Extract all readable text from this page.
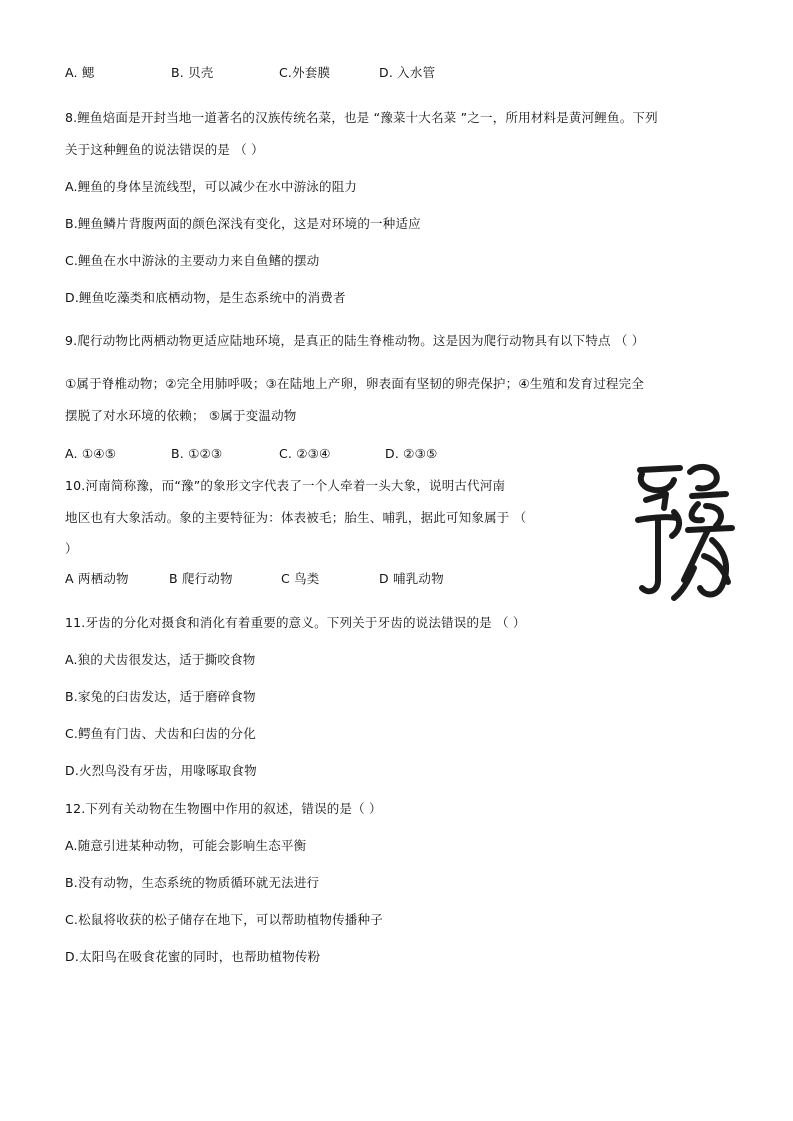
A. 鳃	B. 贝壳	C.外套膜	D. 入水管
8.鲤鱼焙面是开封当地一道著名的汉族传统名菜，也是 “豫菜十大名菜 ”之一，所用材料是黄河鲤鱼。下列
关于这种鲤鱼的说法错误的是 （ ）
A.鲤鱼的身体呈流线型，可以减少在水中游泳的阻力
B.鲤鱼鳞片背腹两面的颜色深浅有变化，这是对环境的一种适应
C.鲤鱼在水中游泳的主要动力来自鱼鳍的摆动
D.鲤鱼吃藻类和底栖动物，是生态系统中的消费者
9.爬行动物比两栖动物更适应陆地环境，是真正的陆生脊椎动物。这是因为爬行动物具有以下特点 （ ）
①属于脊椎动物；②完全用肺呼吸；③在陆地上产卵，卵表面有坚韧的卵壳保护；④生殖和发育过程完全
摆脱了对水环境的依赖； ⑤属于变温动物
A. ①④⑤	B. ①②③	C. ②③④	D. ②③⑤
10.河南简称豫，而“豫”的象形文字代表了一个人牵着一头大象，说明古代河南
地区也有大象活动。象的主要特征为：体表被毛；胎生、哺乳，据此可知象属于 （
）
A 两栖动物	B 爬行动物	C 鸟类	D 哺乳动物
11.牙齿的分化对摄食和消化有着重要的意义。下列关于牙齿的说法错误的是 （ ）
A.狼的犬齿很发达，适于撕咬食物
B.家兔的臼齿发达，适于磨碎食物
C.鳄鱼有门齿、犬齿和臼齿的分化
D.火烈鸟没有牙齿，用喙啄取食物
12.下列有关动物在生物圈中作用的叙述，错误的是（ ）
A.随意引进某种动物，可能会影响生态平衡
B.没有动物，生态系统的物质循环就无法进行
C.松鼠将收获的松子储存在地下，可以帮助植物传播种子
D.太阳鸟在吸食花蜜的同时，也帮助植物传粉
